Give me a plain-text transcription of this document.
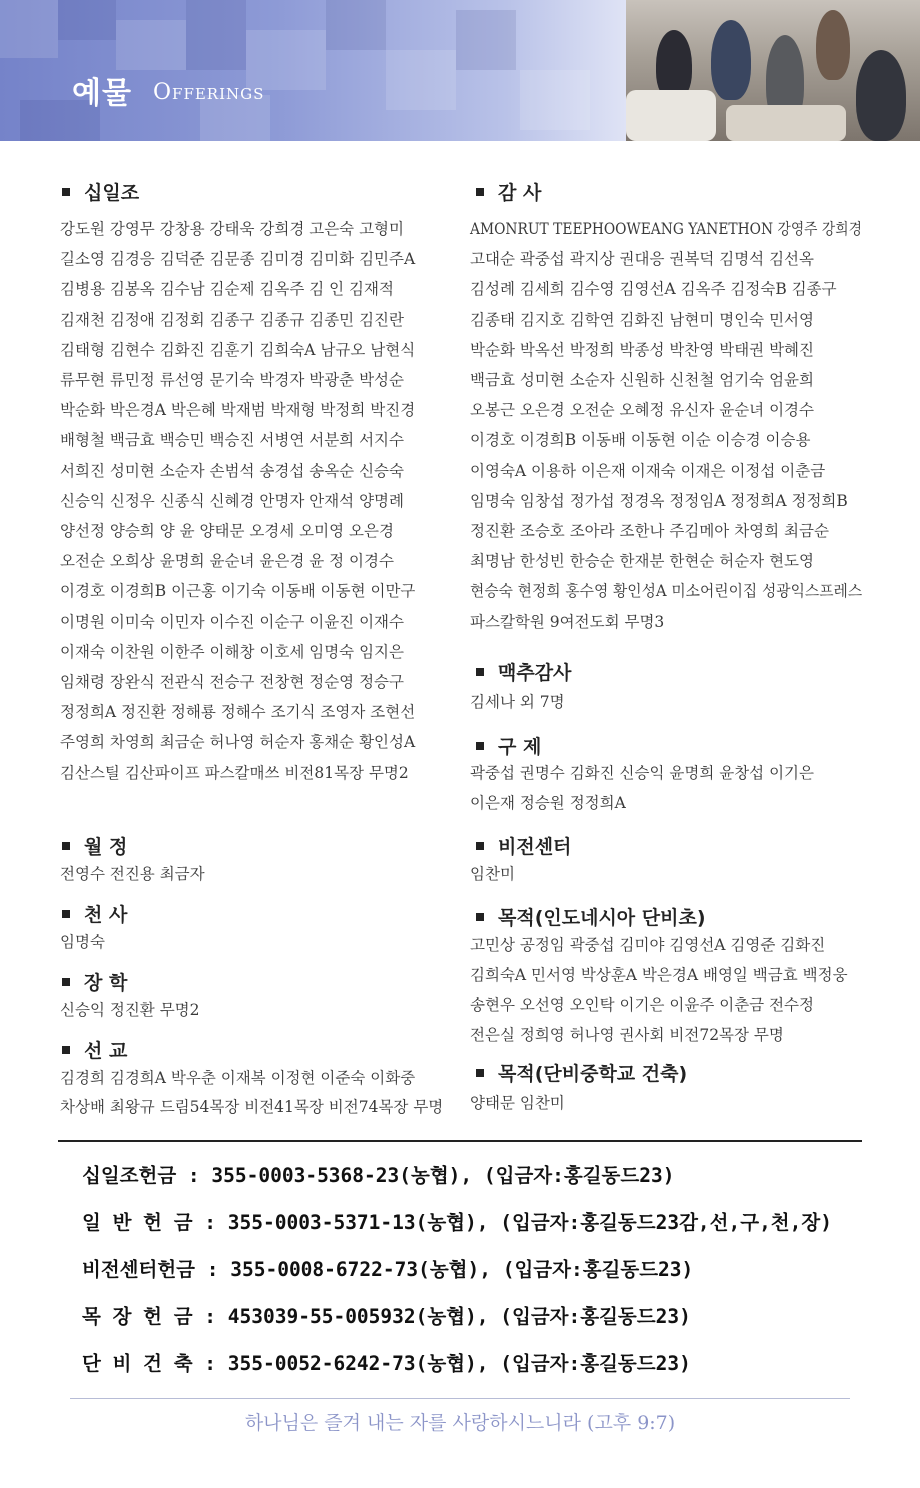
예물 Offerings
십일조
강도원 강영무 강창용 강태욱 강희경 고은숙 고형미
길소영 김경응 김덕준 김문종 김미경 김미화 김민주A
김병용 김봉옥 김수남 김순제 김옥주 김 인 김재적
김재천 김정애 김정회 김종구 김종규 김종민 김진란
김태형 김현수 김화진 김훈기 김희숙A 남규오 남현식
류무현 류민정 류선영 문기숙 박경자 박광춘 박성순
박순화 박은경A 박은혜 박재범 박재형 박정희 박진경
배형철 백금효 백승민 백승진 서병연 서분희 서지수
서희진 성미현 소순자 손범석 송경섭 송옥순 신승숙
신승익 신정우 신종식 신혜경 안명자 안재석 양명례
양선정 양승희 양 윤 양태문 오경세 오미영 오은경
오전순 오희상 윤명희 윤순녀 윤은경 윤 정 이경수
이경호 이경희B 이근홍 이기숙 이동배 이동현 이만구
이명원 이미숙 이민자 이수진 이순구 이윤진 이재수
이재숙 이찬원 이한주 이해창 이호세 임명숙 임지은
임채령 장완식 전관식 전승구 전창현 정순영 정승구
정정희A 정진환 정해룡 정해수 조기식 조영자 조현선
주영희 차영희 최금순 허나영 허순자 홍채순 황인성A
김산스틸 김산파이프 파스칼매쓰 비전81목장 무명2
월 정
전영수 전진용 최금자
천 사
임명숙
장 학
신승익 정진환 무명2
선 교
김경희 김경희A 박우춘 이재복 이정현 이준숙 이화중
차상배 최왕규 드림54목장 비전41목장 비전74목장 무명
감 사
AMONRUT TEEPHOOWEANG YANETHON 강영주 강희경
고대순 곽중섭 곽지상 권대응 권복덕 김명석 김선옥
김성례 김세희 김수영 김영선A 김옥주 김정숙B 김종구
김종태 김지호 김학연 김화진 남현미 명인숙 민서영
박순화 박옥선 박정희 박종성 박찬영 박태권 박혜진
백금효 성미현 소순자 신원하 신천철 엄기숙 엄윤희
오봉근 오은경 오전순 오혜정 유신자 윤순녀 이경수
이경호 이경희B 이동배 이동현 이순 이승경 이승용
이영숙A 이용하 이은재 이재숙 이재은 이정섭 이춘금
임명숙 임창섭 정가섭 정경옥 정정임A 정정희A 정정희B
정진환 조승호 조아라 조한나 주김메아 차영희 최금순
최명남 한성빈 한승순 한재분 한현순 허순자 현도영
현승숙 현정희 홍수영 황인성A 미소어린이집 성광익스프레스
파스칼학원 9여전도회 무명3
맥추감사
김세나 외 7명
구 제
곽중섭 권명수 김화진 신승익 윤명희 윤창섭 이기은
이은재 정승원 정정희A
비전센터
임찬미
목적(인도네시아 단비초)
고민상 공정임 곽중섭 김미야 김영선A 김영준 김화진
김희숙A 민서영 박상훈A 박은경A 배영일 백금효 백정웅
송현우 오선영 오인탁 이기은 이윤주 이춘금 전수정
전은실 정희영 허나영 권사회 비전72목장 무명
목적(단비중학교 건축)
양태문 임찬미
십일조헌금 : 355-0003-5368-23(농협), (입금자:홍길동드23)
일 반 헌 금 : 355-0003-5371-13(농협), (입금자:홍길동드23감,선,구,천,장)
비전센터헌금 : 355-0008-6722-73(농협), (입금자:홍길동드23)
목 장 헌 금 : 453039-55-005932(농협), (입금자:홍길동드23)
단 비 건 축 : 355-0052-6242-73(농협), (입금자:홍길동드23)
하나님은 즐겨 내는 자를 사랑하시느니라 (고후 9:7)
